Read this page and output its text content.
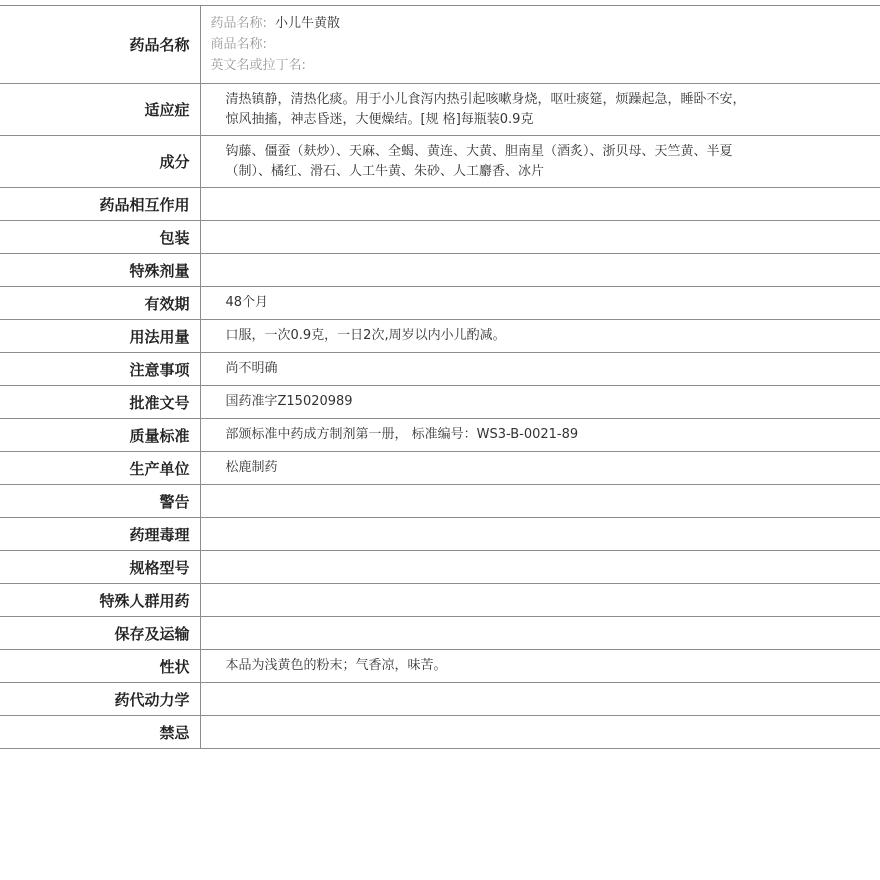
药品名称	药品名称: 小儿牛黄散
商品名称:
英文名或拉丁名:

适应症	清热镇静，清热化痰。用于小儿食泻内热引起咳嗽身烧，呕吐痰筵，烦躁起急，睡卧不安，
惊风抽搐，神志昏迷，大便燥结。[规 格]每瓶装0.9克

成分	钩藤、僵蚕（麸炒）、天麻、全蝎、黄连、大黄、胆南星（酒炙）、浙贝母、天竺黄、半夏
（制）、橘红、滑石、人工牛黄、朱砂、人工麝香、冰片

药品相互作用	
包装	
特殊剂量	
有效期	48个月
用法用量	口服，一次0.9克，一日2次,周岁以内小儿酌减。
注意事项	尚不明确
批准文号	国药准字Z15020989
质量标准	部颁标准中药成方制剂第一册， 标准编号：WS3-B-0021-89
生产单位	松鹿制药
警告	
药理毒理	
规格型号	
特殊人群用药	
保存及运输	
性状	本品为浅黄色的粉末；气香凉，味苦。
药代动力学	
禁忌	
